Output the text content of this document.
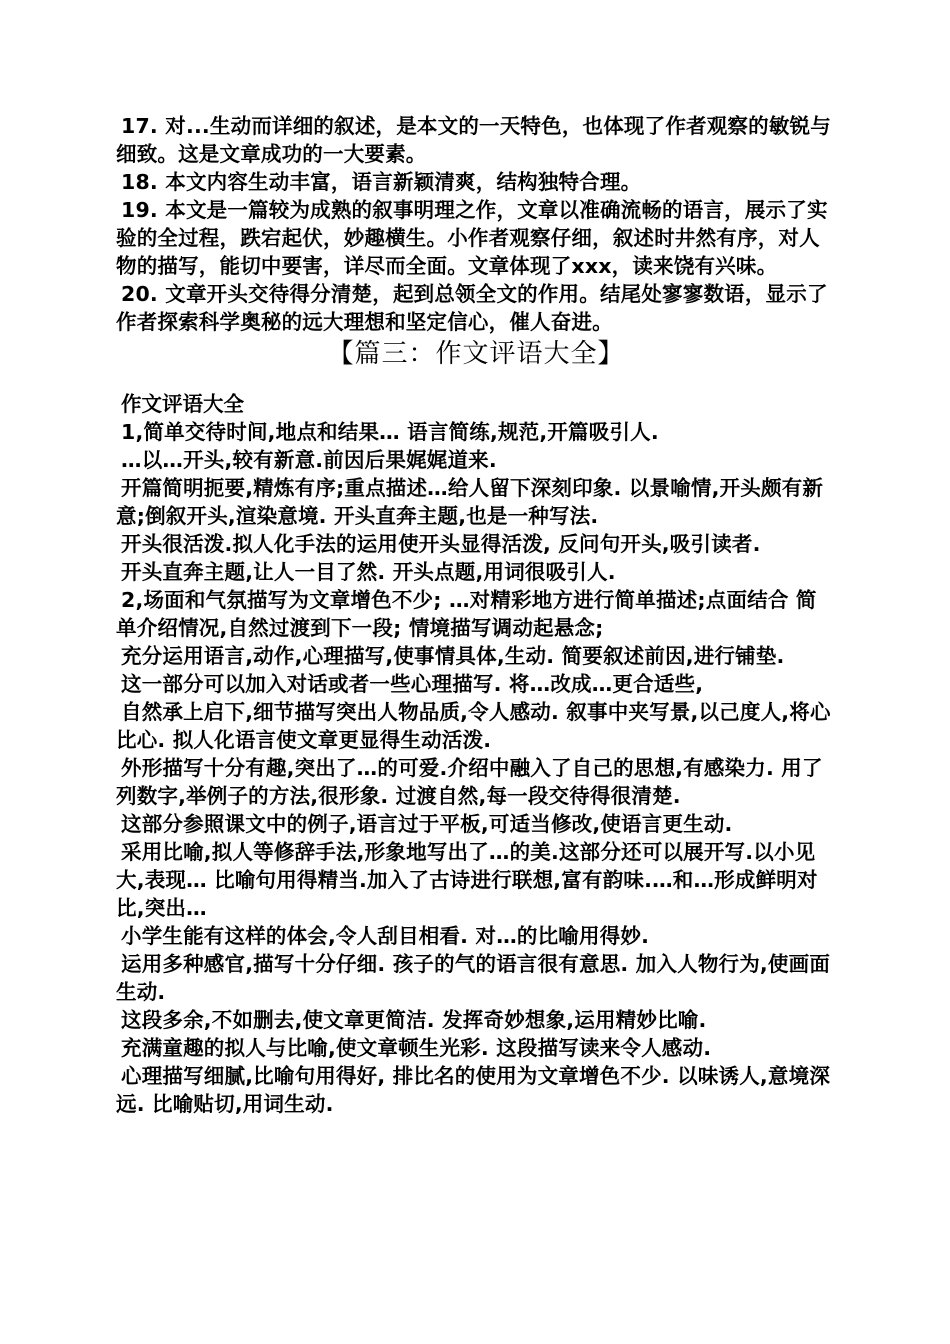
17. 对...生动而详细的叙述，是本文的一天特色，也体现了作者观察的敏锐与细致。这是文章成功的一大要素。

18. 本文内容生动丰富，语言新颖清爽，结构独特合理。

19. 本文是一篇较为成熟的叙事明理之作，文章以准确流畅的语言，展示了实验的全过程，跌宕起伏，妙趣横生。小作者观察仔细，叙述时井然有序，对人物的描写，能切中要害，详尽而全面。文章体现了xxx，读来饶有兴味。

20. 文章开头交待得分清楚，起到总领全文的作用。结尾处寥寥数语，显示了作者探索科学奥秘的远大理想和坚定信心，催人奋进。

【篇三：作文评语大全】

作文评语大全

1,简单交待时间,地点和结果… 语言简练,规范,开篇吸引人.

…以…开头,较有新意.前因后果娓娓道来.

开篇简明扼要,精炼有序;重点描述…给人留下深刻印象. 以景喻情,开头颇有新意;倒叙开头,渲染意境. 开头直奔主题,也是一种写法.

开头很活泼.拟人化手法的运用使开头显得活泼, 反问句开头,吸引读者.

开头直奔主题,让人一目了然. 开头点题,用词很吸引人.

2,场面和气氛描写为文章增色不少; …对精彩地方进行简单描述;点面结合 简单介绍情况,自然过渡到下一段; 情境描写调动起悬念;

充分运用语言,动作,心理描写,使事情具体,生动. 简要叙述前因,进行铺垫.

这一部分可以加入对话或者一些心理描写. 将…改成…更合适些,

自然承上启下,细节描写突出人物品质,令人感动. 叙事中夹写景,以己度人,将心比心. 拟人化语言使文章更显得生动活泼.

外形描写十分有趣,突出了…的可爱.介绍中融入了自己的思想,有感染力. 用了列数字,举例子的方法,很形象. 过渡自然,每一段交待得很清楚.

这部分参照课文中的例子,语言过于平板,可适当修改,使语言更生动.

采用比喻,拟人等修辞手法,形象地写出了…的美.这部分还可以展开写.以小见大,表现… 比喻句用得精当.加入了古诗进行联想,富有韵味.…和…形成鲜明对比,突出…

小学生能有这样的体会,令人刮目相看. 对…的比喻用得妙.

运用多种感官,描写十分仔细. 孩子的气的语言很有意思. 加入人物行为,使画面生动.

这段多余,不如删去,使文章更简洁. 发挥奇妙想象,运用精妙比喻.

充满童趣的拟人与比喻,使文章顿生光彩. 这段描写读来令人感动.

心理描写细腻,比喻句用得好, 排比名的使用为文章增色不少. 以味诱人,意境深远. 比喻贴切,用词生动.
